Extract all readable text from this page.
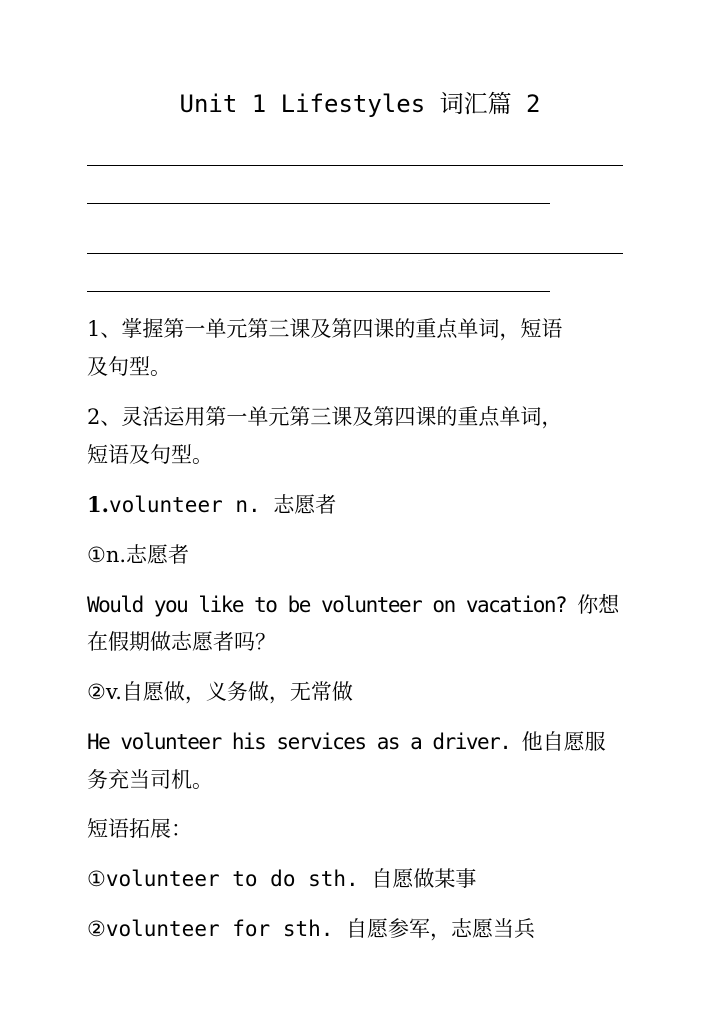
Unit 1 Lifestyles 词汇篇 2
1、掌握第一单元第三课及第四课的重点单词，短语
及句型。
2、灵活运用第一单元第三课及第四课的重点单词，
短语及句型。
1.volunteer n. 志愿者
①n.志愿者
Would you like to be volunteer on vacation? 你想
在假期做志愿者吗？
②v.自愿做，义务做，无常做
He volunteer his services as a driver. 他自愿服
务充当司机。
短语拓展：
①volunteer to do sth. 自愿做某事
②volunteer for sth. 自愿参军，志愿当兵
